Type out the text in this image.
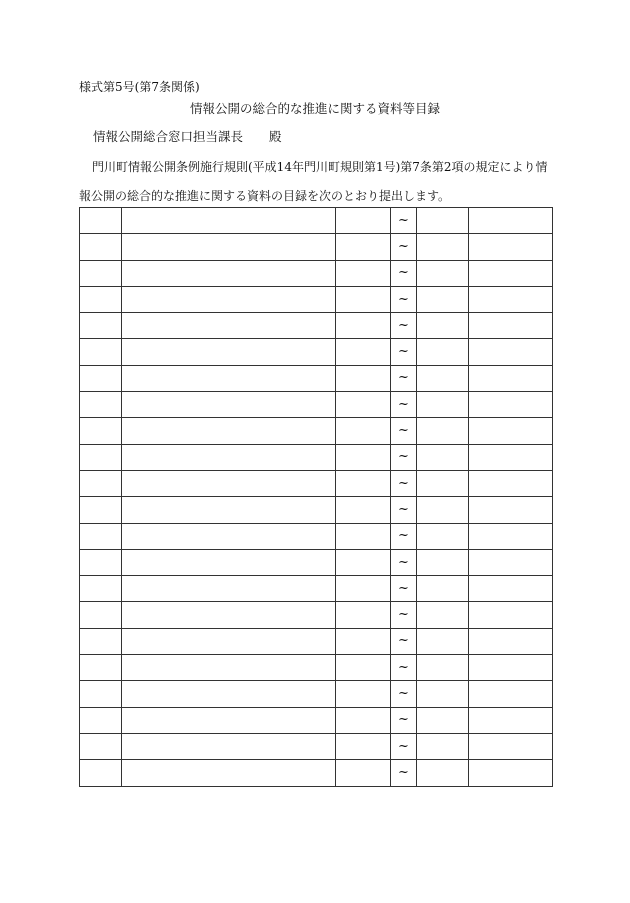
様式第5号(第7条関係)
情報公開の総合的な推進に関する資料等目録
情報公開総合窓口担当課長 殿
門川町情報公開条例施行規則(平成14年門川町規則第1号)第7条第2項の規定により情報公開の総合的な推進に関する資料の目録を次のとおり提出します。
			~		
			~		
			~		
			~		
			~		
			~		
			~		
			~		
			~		
			~		
			~		
			~		
			~		
			~		
			~		
			~		
			~		
			~		
			~		
			~		
			~		
			~		
